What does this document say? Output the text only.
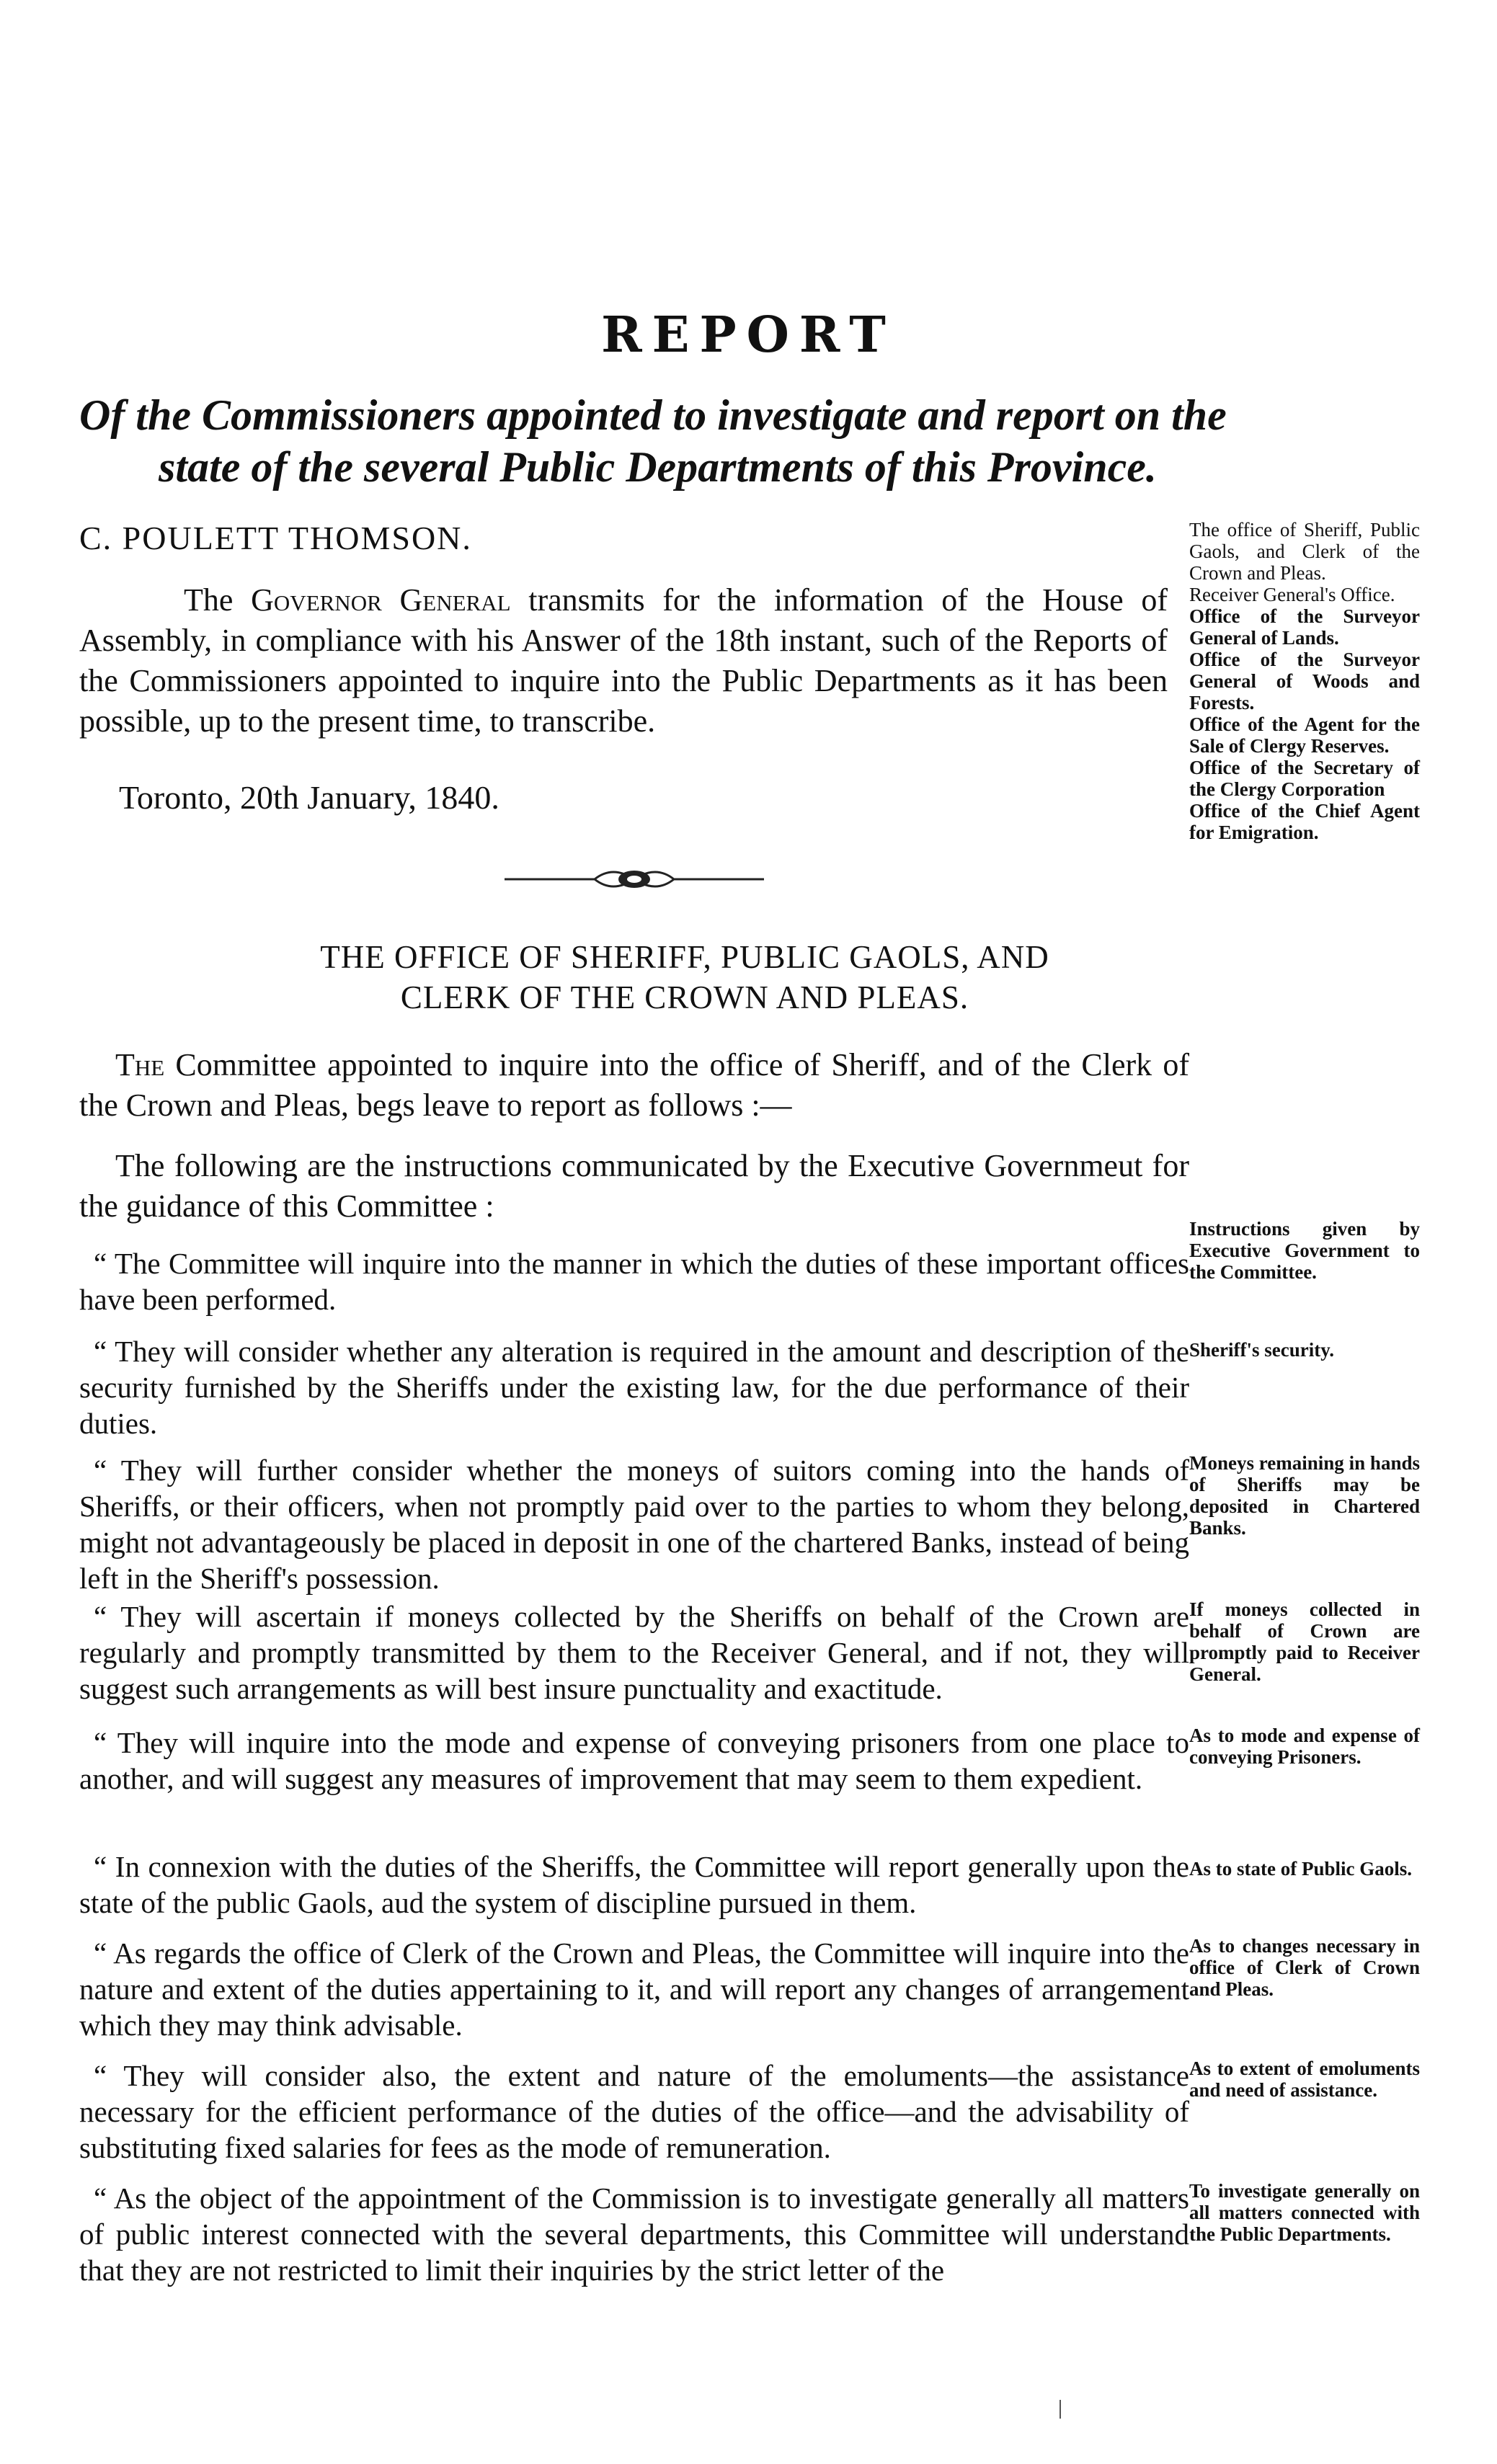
REPORT
Of the Commissioners appointed to investigate and report on the
state of the several Public Departments of this Province.
C. POULETT THOMSON.	The office of Sheriff, Public Gaols, and Clerk of the Crown and Pleas.
Receiver General's Office.
Office of the Surveyor General of Lands.
Office of the Surveyor General of Woods and Forests.
Office of the Agent for the Sale of Clergy Reserves.
Office of the Secretary of the Clergy Corporation
Office of the Chief Agent for Emigration.
The Governor General transmits for the information of the House of Assembly, in compliance with his Answer of the 18th instant, such of the Reports of the Commissioners appointed to inquire into the Public Departments as it has been possible, up to the present time, to transcribe.
Toronto, 20th January, 1840.
THE OFFICE OF SHERIFF, PUBLIC GAOLS, AND
CLERK OF THE CROWN AND PLEAS.
The Committee appointed to inquire into the office of Sheriff, and of the Clerk of the Crown and Pleas, begs leave to report as follows :—
The following are the instructions communicated by the Executive Governmeut for the guidance of this Committee :
“ The Committee will inquire into the manner in which the duties of these important offices have been performed.
“ They will consider whether any alteration is required in the amount and description of the security furnished by the Sheriffs under the existing law, for the due performance of their duties.
“ They will further consider whether the moneys of suitors coming into the hands of Sheriffs, or their officers, when not promptly paid over to the parties to whom they belong, might not advantageously be placed in deposit in one of the chartered Banks, instead of being left in the Sheriff's possession.
“ They will ascertain if moneys collected by the Sheriffs on behalf of the Crown are regularly and promptly transmitted by them to the Receiver General, and if not, they will suggest such arrangements as will best insure punctuality and exactitude.
“ They will inquire into the mode and expense of conveying prisoners from one place to another, and will suggest any measures of improvement that may seem to them expedient.
“ In connexion with the duties of the Sheriffs, the Committee will report generally upon the state of the public Gaols, aud the system of discipline pursued in them.
“ As regards the office of Clerk of the Crown and Pleas, the Committee will inquire into the nature and extent of the duties appertaining to it, and will report any changes of arrangement which they may think advisable.
“ They will consider also, the extent and nature of the emoluments—the assistance necessary for the efficient performance of the duties of the office—and the advisability of substituting fixed salaries for fees as the mode of remuneration.
“ As the object of the appointment of the Commission is to investigate generally all matters of public interest connected with the several departments, this Committee will understand that they are not restricted to limit their inquiries by the strict letter of the
Instructions given by Executive Government to the Committee.
Sheriff's security.
Moneys remaining in hands of Sheriffs may be deposited in Chartered Banks.
If moneys collected in behalf of Crown are promptly paid to Receiver General.
As to mode and expense of conveying Prisoners.
As to state of Public Gaols.
As to changes necessary in office of Clerk of Crown and Pleas.
As to extent of emoluments and need of assistance.
To investigate generally on all matters connected with the Public Departments.
